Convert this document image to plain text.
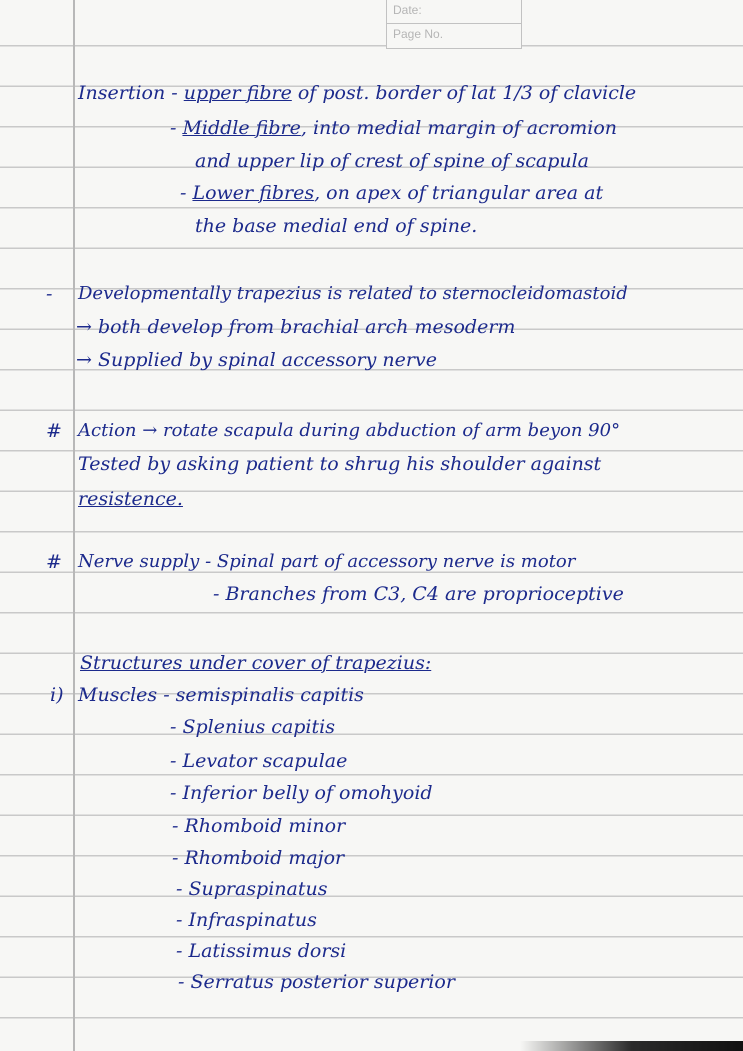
Date:
Page No.
Insertion - upper fibre of post. border of lat 1/3 of clavicle
- Middle fibre, into medial margin of acromion
and upper lip of crest of spine of scapula
- Lower fibres, on apex of triangular area at
the base medial end of spine.
- Developmentally trapezius is related to sternocleidomastoid
→ both develop from brachial arch mesoderm
→ Supplied by spinal accessory nerve
# Action → rotate scapula during abduction of arm beyon 90°
Tested by asking patient to shrug his shoulder against
resistence.
# Nerve supply - Spinal part of accessory nerve is motor
- Branches from C3, C4 are proprioceptive
Structures under cover of trapezius:
i) Muscles - semispinalis capitis
- Splenius capitis
- Levator scapulae
- Inferior belly of omohyoid
- Rhomboid minor
- Rhomboid major
- Supraspinatus
- Infraspinatus
- Latissimus dorsi
- Serratus posterior superior
